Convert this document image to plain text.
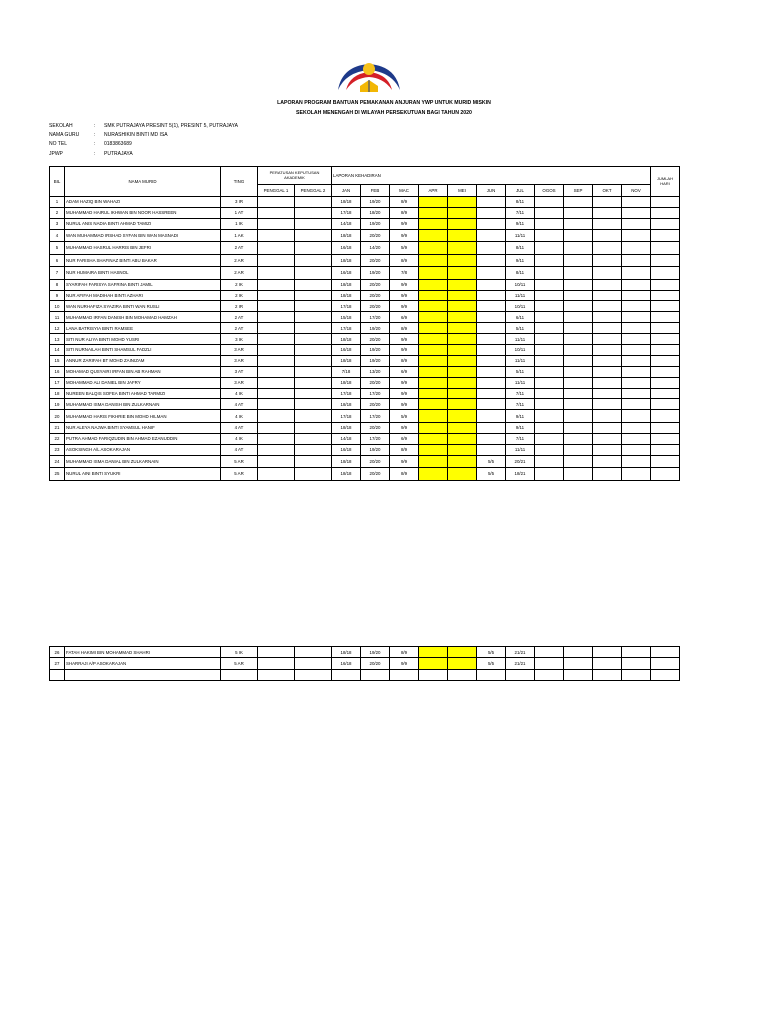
LAPORAN PROGRAM BANTUAN PEMAKANAN ANJURAN YWP UNTUK MURID MISKIN
SEKOLAH MENENGAH DI WILAYAH PERSEKUTUAN BAGI TAHUN 2020
SEKOLAH	:	SMK PUTRAJAYA PRESINT 5(1), PRESINT 5, PUTRAJAYA
NAMA GURU	:	NURASHIKIN BINTI MD ISA
NO TEL	:	0183863689
JPWP	:	PUTRAJAYA
BIL	NAMA MURID	TING	PERATUSAN KEPUTUSAN AKADEMIK		LAPORAN KEHADIRAN											JUMLAH HARI
			PENGGAL 1	PENGGAL 2	JAN	FEB	MAC	APR	MEI	JUN	JUL	OGOS	SEP	OKT	NOV	
1	ADAM HAZIQ BIN WAHAZI	3 IR			18/18	19/20	8/9				8/11					
2	MUHAMMAD HAIRUL IKHWAN BIN NOOR HASSREEN	1 AT			17/18	18/20	8/9				7/11					
3	NURUL ANIS NADIA BINTI AHMAD TAMIZI	1 IK			14/18	19/20	9/9				9/11					
4	WAN MUHAMMAD IRSHAD SYFAN BIN WAN MASNADI	1 AK			18/18	20/20	9/9				11/11					
5	MUHAMMAD HASRUL HARRIS BIN JEFRI	2 AT			16/18	14/20	5/9				8/11					
6	NUR FARISHA SHAFINAZ BINTI ABU BAKAR	2 AR			18/18	20/20	8/9				9/11					
7	NUR HUMAIRA BINTI HASNOL	2 AR			16/18	19/20	7/8				8/11					
8	SYARIFAH FARISYA SAFRINA BINTI JAMIL	2 IK			18/18	20/20	9/9				10/11					
9	NUR AFIFAH MADIHAH BINTI AZHARI	2 IK			18/18	20/20	9/9				11/11					
10	WAN NURHAFIZA SYAZIRA BINTI WAN RUSLI	2 IR			17/18	20/20	9/9				10/11					
11	MUHAMMAD IRFAN DANISH BIN MOHAMAD HAMZAH	2 AT			15/18	17/20	6/9				6/11					
12	LANA BATRISYIA BINTI RAMSEE	2 AT			17/18	19/20	8/9				5/11					
13	SITI NUR ALIYA BINTI MOHD YUSRI	3 IK			18/18	20/20	9/9				11/11					
14	SITI NURNAILAH BINTI SHAMSUL FADZLI	3 AR			16/18	19/20	9/9				10/11					
15	ANNUR ZARIFAH BT MOHD ZAINIZAM	3 AR			18/18	19/20	8/9				11/11					
16	MOHAMAD QUSYAIRI IRFAN BIN AB RAHMAN	3 AT			7/18	13/20	6/9				5/11					
17	MOHAMMAD ALI DANIEL BIN JAFRY	3 AR			18/18	20/20	9/9				11/11					
18	NUREEN BALQIS SOFEA BINTI AHMAD TARMIZI	4 IK			17/18	17/20	9/9				7/11					
19	MUHAMMAD ISMA DANISH BIN ZULKARNAIN	4 AT			18/18	20/20	9/9				7/11					
20	MUHAMMAD HARIS FIKHRIE BIN MOHD HILMAN	4 IK			17/18	17/20	5/9				9/11					
21	NUR ALEYA NAJWA BINTI SYAMSUL HANIF	4 AT			18/18	20/20	9/9				9/11					
22	PUTRA AHMAD FARIQZUDIN BIN AHMAD EZANUDDIN	4 IK			14/18	17/20	6/9				7/11					
23	ASOKSINGH A/L ASOKARAJAN	4 AT			16/18	19/20	8/9				11/11					
24	MUHAMMAD ISMA DANIAL BIN ZULKARNAIN	5 AR			18/18	20/20	9/9			5/5	20/21					
25	NURUL AINI BINTI SYUKRI	5 AR			18/18	20/20	8/9			5/5	18/21					
26	FATAH HAKIMI BIN MOHAMMAD SHAHRI	5 IK			18/18	19/20	8/9			5/5	21/21					
27	SHARRAJI A/P ASOKARAJAN	5 AR			16/18	20/20	9/9			5/5	21/21					
